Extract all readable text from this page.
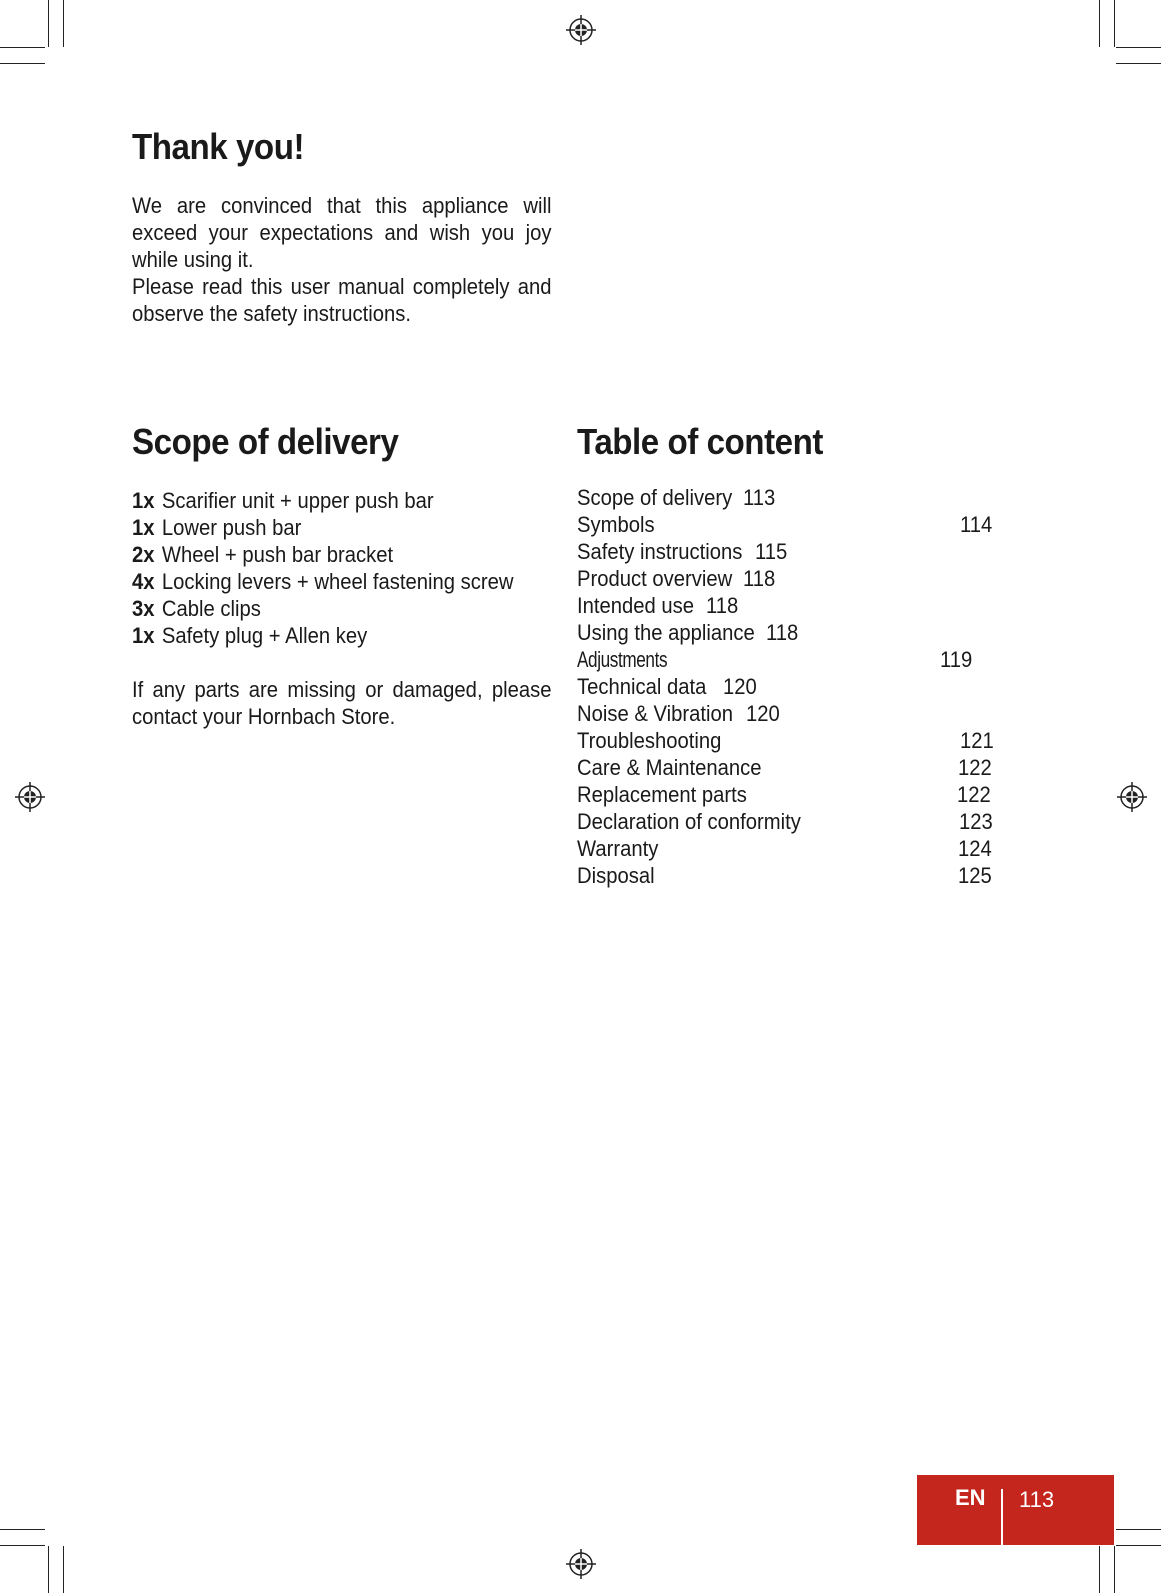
Thank you!

We are convinced that this appliance will exceed your expectations and wish you joy while using it.

Please read this user manual completely and observe the safety instructions.

Scope of delivery
1x Scarifier unit + upper push bar
1x Lower push bar
2x Wheel + push bar bracket
4x Locking levers + wheel fastening screw
3x Cable clips
1x Safety plug + Allen key
If any parts are missing or damaged, please contact your Hornbach Store.
Table of content
Scope of delivery 113
Symbols	114
Safety instructions 115
Product overview 118
Intended use 118
Using the appliance 118
Adjustments	119
Technical data 120
Noise & Vibration 120
Troubleshooting	121
Care & Maintenance	122
Replacement parts	122
Declaration of conformity	123
Warranty	124
Disposal	125
EN 113
